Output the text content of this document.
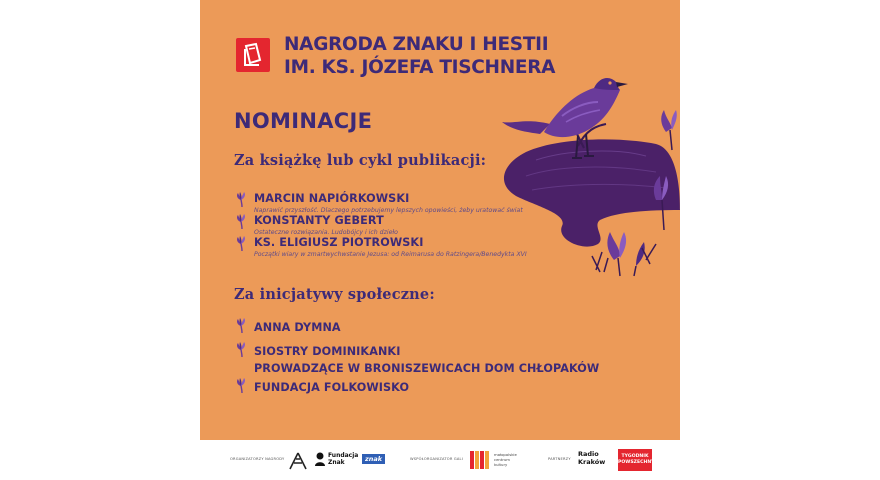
NAGRODA ZNAKU I HESTII
IM. KS. JÓZEFA TISCHNERA
NOMINACJE
Za książkę lub cykl publikacji:
MARCIN NAPIÓRKOWSKI
Naprawić przyszłość. Dlaczego potrzebujemy lepszych opowieści, żeby uratować świat
KONSTANTY GEBERT
Ostateczne rozwiązania. Ludobójcy i ich dzieło
KS. ELIGIUSZ PIOTROWSKI
Początki wiary w zmartwychwstanie Jezusa: od Reimarusa do Ratzingera/Benedykta XVI
Za inicjatywy społeczne:
ANNA DYMNA
SIOSTRY DOMINIKANKI
PROWADZĄCE W BRONISZEWICACH DOM CHŁOPAKÓW
FUNDACJA FOLKOWISKO
ORGANIZATORZY NAGRODY	Fundacja
Znak	znak	WSPÓŁORGANIZATOR GALI
małopolskie
centrum
kultury
PARTNERZY
Radio
Kraków
TYGODNIK
POWSZECHNY
